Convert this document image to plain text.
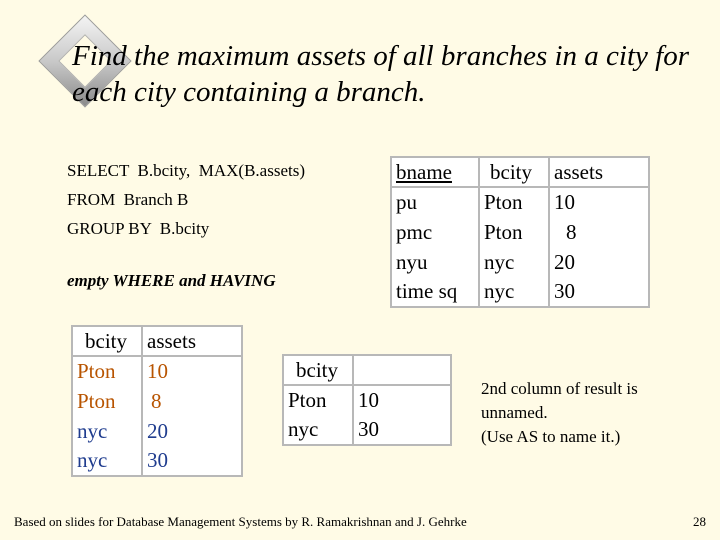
Find the maximum assets of all branches in a city for each city containing a branch.
SELECT  B.bcity,  MAX(B.assets)
FROM  Branch B
GROUP BY  B.bcity
empty WHERE and HAVING
bname	bcity	assets
pu	Pton	10
pmc	Pton	8
nyu	nyc	20
time sq	nyc	30
bcity	assets
Pton	10
Pton	8
nyc	20
nyc	30
bcity	
Pton	10
nyc	30
2nd column of result is
unnamed.
(Use AS to name it.)
Based on slides for Database Management Systems by R. Ramakrishnan and J. Gehrke	28
